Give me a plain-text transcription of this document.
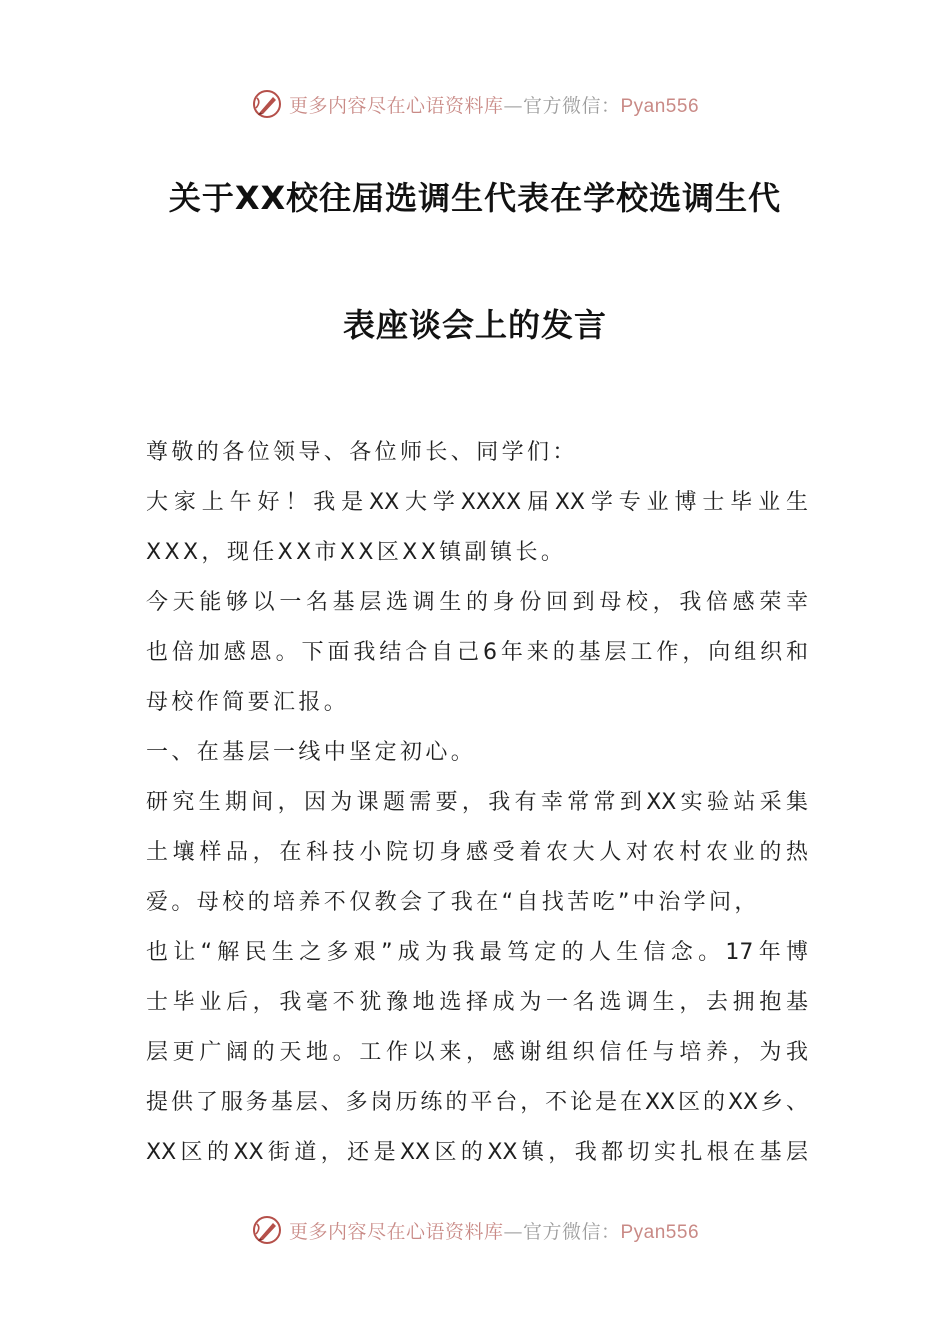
更多内容尽在心语资料库—官方微信：Pyan556
关于XX校往届选调生代表在学校选调生代
表座谈会上的发言
尊敬的各位领导、各位师长、同学们：
大家上午好！我是XX大学XXXX届XX学专业博士毕业生
XXX，现任XX市XX区XX镇副镇长。
今天能够以一名基层选调生的身份回到母校，我倍感荣幸
也倍加感恩。下面我结合自己6年来的基层工作，向组织和
母校作简要汇报。
一、在基层一线中坚定初心。
研究生期间，因为课题需要，我有幸常常到XX实验站采集
土壤样品，在科技小院切身感受着农大人对农村农业的热
爱。母校的培养不仅教会了我在“自找苦吃”中治学问，
也让“解民生之多艰”成为我最笃定的人生信念。17年博
士毕业后，我毫不犹豫地选择成为一名选调生，去拥抱基
层更广阔的天地。工作以来，感谢组织信任与培养，为我
提供了服务基层、多岗历练的平台，不论是在XX区的XX乡、
XX区的XX街道，还是XX区的XX镇，我都切实扎根在基层
更多内容尽在心语资料库—官方微信：Pyan556
